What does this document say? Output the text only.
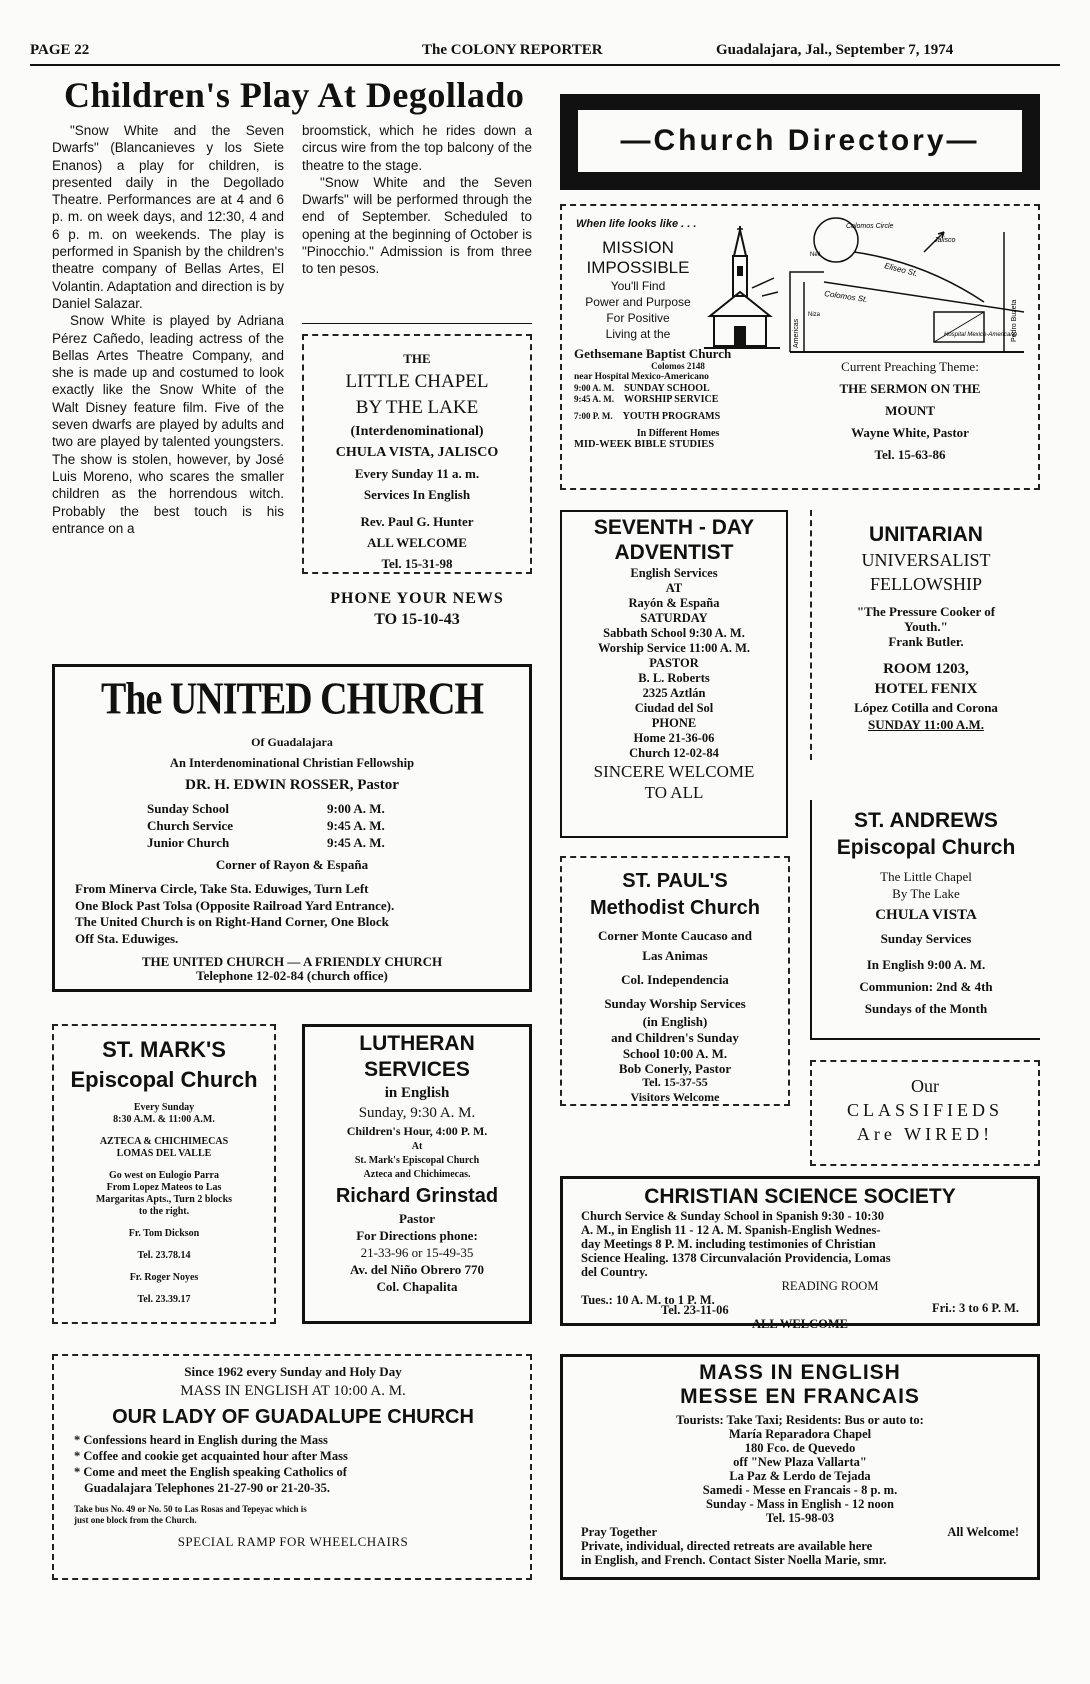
PAGE 22	The COLONY REPORTER	Guadalajara, Jal., September 7, 1974
Children's Play At Degollado

"Snow White and the Seven Dwarfs" (Blancanieves y los Siete Enanos) a play for children, is presented daily in the Degollado Theatre. Performances are at 4 and 6 p. m. on week days, and 12:30, 4 and 6 p. m. on weekends. The play is performed in Spanish by the children's theatre company of Bellas Artes, El Volantin. Adaptation and direction is by Daniel Salazar.

Snow White is played by Adriana Pérez Cañedo, leading actress of the Bellas Artes Theatre Company, and she is made up and costumed to look exactly like the Snow White of the Walt Disney feature film. Five of the seven dwarfs are played by adults and two are played by talented youngsters. The show is stolen, however, by José Luis Moreno, who scares the smaller children as the horrendous witch. Probably the best touch is his entrance on a

broomstick, which he rides down a circus wire from the top balcony of the theatre to the stage.

"Snow White and the Seven Dwarfs" will be performed through the end of September. Scheduled to opening at the beginning of October is "Pinocchio." Admission is from three to ten pesos.

—Church Directory—
THE
LITTLE CHAPEL
BY THE LAKE
(Interdenominational)
CHULA VISTA, JALISCO
Every Sunday 11 a. m.
Services In English
Rev. Paul G. Hunter
ALL WELCOME
Tel. 15-31-98
PHONE YOUR NEWS
TO 15-10-43
When life looks like . . .
MISSION
IMPOSSIBLE
You'll Find
Power and Purpose
For Positive
Living at the
Colomos Circle
Eliseo St.
Colomos St.
Hospital Mexico-Americano
Americas	Pedro Buzeta
Jalisco
Niza
Nell
Gethsemane Baptist Church
Colomos 2148
near Hospital Mexico-Americano
9:00 A. M. SUNDAY SCHOOL
9:45 A. M. WORSHIP SERVICE
7:00 P. M. YOUTH PROGRAMS
In Different Homes
MID-WEEK BIBLE STUDIES
Current Preaching Theme:
THE SERMON ON THE
MOUNT
Wayne White, Pastor
Tel. 15-63-86
The UNITED CHURCH
Of Guadalajara
An Interdenominational Christian Fellowship
DR. H. EDWIN ROSSER, Pastor
Sunday School	9:00 A. M.
Church Service	9:45 A. M.
Junior Church	9:45 A. M.
Corner of Rayon & España
From Minerva Circle, Take Sta. Eduwiges, Turn Left
One Block Past Tolsa (Opposite Railroad Yard Entrance).
The United Church is on Right-Hand Corner, One Block
Off Sta. Eduwiges.
THE UNITED CHURCH — A FRIENDLY CHURCH
Telephone 12-02-84 (church office)
SEVENTH - DAY
ADVENTIST
English Services
AT
Rayón & España
SATURDAY
Sabbath School 9:30 A. M.
Worship Service 11:00 A. M.
PASTOR
B. L. Roberts
2325 Aztlán
Ciudad del Sol
PHONE
Home 21-36-06
Church 12-02-84
SINCERE WELCOME
TO ALL
UNITARIAN
UNIVERSALIST
FELLOWSHIP
"The Pressure Cooker of
Youth."
Frank Butler.
ROOM 1203,
HOTEL FENIX
López Cotilla and Corona
SUNDAY 11:00 A.M.
ST. PAUL'S
Methodist Church
Corner Monte Caucaso and
Las Animas
Col. Independencia
Sunday Worship Services
(in English)
and Children's Sunday
School 10:00 A. M.
Bob Conerly, Pastor
Tel. 15-37-55
Visitors Welcome
ST. ANDREWS
Episcopal Church
The Little Chapel
By The Lake
CHULA VISTA
Sunday Services
In English 9:00 A. M.
Communion: 2nd & 4th
Sundays of the Month
Our
CLASSIFIEDS
Are WIRED!
ST. MARK'S
Episcopal Church
Every Sunday
8:30 A.M. & 11:00 A.M.
AZTECA & CHICHIMECAS
LOMAS DEL VALLE
Go west on Eulogio Parra
From Lopez Mateos to Las
Margaritas Apts., Turn 2 blocks
to the right.
Fr. Tom Dickson
Tel. 23.78.14
Fr. Roger Noyes
Tel. 23.39.17
LUTHERAN
SERVICES
in English
Sunday, 9:30 A. M.
Children's Hour, 4:00 P. M.
At
St. Mark's Episcopal Church
Azteca and Chichimecas.
Richard Grinstad
Pastor
For Directions phone:
21-33-96 or 15-49-35
Av. del Niño Obrero 770
Col. Chapalita
CHRISTIAN SCIENCE SOCIETY
Church Service & Sunday School in Spanish 9:30 - 10:30
A. M., in English 11 - 12 A. M. Spanish-English Wednes-
day Meetings 8 P. M. including testimonies of Christian
Science Healing. 1378 Circunvalación Providencia, Lomas
del Country.
READING ROOM
Tues.: 10 A. M. to 1 P. M.
Fri.: 3 to 6 P. M.
Tel. 23-11-06
ALL WELCOME
Since 1962 every Sunday and Holy Day
MASS IN ENGLISH AT 10:00 A. M.
OUR LADY OF GUADALUPE CHURCH
* Confessions heard in English during the Mass
* Coffee and cookie get acquainted hour after Mass
* Come and meet the English speaking Catholics of
Guadalajara Telephones 21-27-90 or 21-20-35.
Take bus No. 49 or No. 50 to Las Rosas and Tepeyac which is
just one block from the Church.
SPECIAL RAMP FOR WHEELCHAIRS
MASS IN ENGLISH
MESSE EN FRANCAIS
Tourists: Take Taxi; Residents: Bus or auto to:
María Reparadora Chapel
180 Fco. de Quevedo
off "New Plaza Vallarta"
La Paz & Lerdo de Tejada
Samedi - Messe en Francais - 8 p. m.
Sunday - Mass in English - 12 noon
Tel. 15-98-03
Pray Together	All Welcome!
Private, individual, directed retreats are available here
in English, and French. Contact Sister Noella Marie, smr.
